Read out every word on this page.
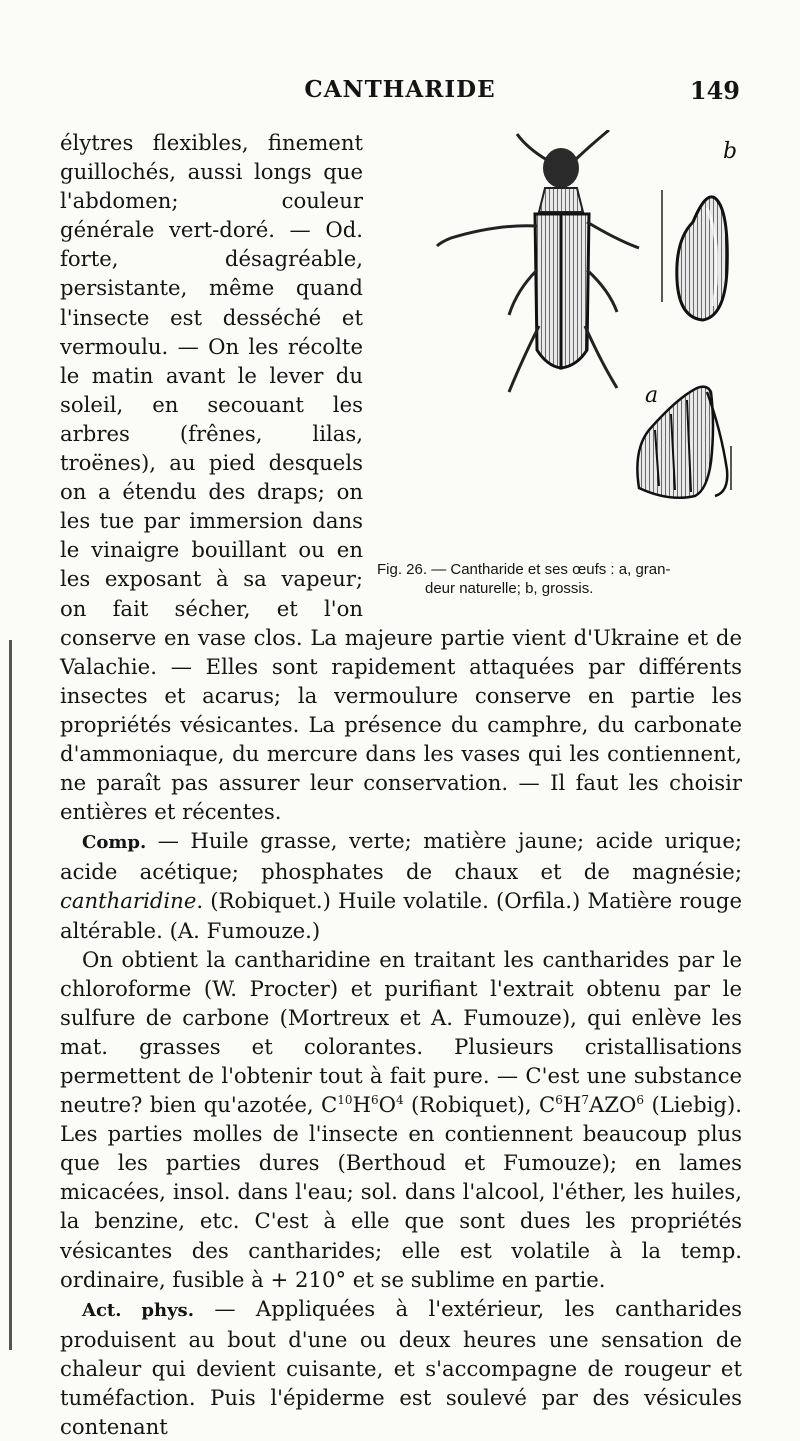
CANTHARIDE	149
b
a
Fig. 26. — Cantharide et ses œufs : a, gran-
deur naturelle; b, grossis.

élytres flexibles, finement guillochés, aussi longs que l'abdomen; couleur générale vert-doré. — Od. forte, désagréable, persistante, même quand l'insecte est desséché et vermoulu. — On les récolte le matin avant le lever du soleil, en secouant les arbres (frênes, lilas, troënes), au pied desquels on a étendu des draps; on les tue par immersion dans le vinaigre bouillant ou en les exposant à sa vapeur; on fait sécher, et l'on conserve en vase clos. La majeure partie vient d'Ukraine et de Valachie. — Elles sont rapidement attaquées par différents insectes et acarus; la vermoulure conserve en partie les propriétés vésicantes. La présence du camphre, du carbonate d'ammoniaque, du mercure dans les vases qui les contiennent, ne paraît pas assurer leur conservation. — Il faut les choisir entières et récentes.

Comp. — Huile grasse, verte; matière jaune; acide urique; acide acétique; phosphates de chaux et de magnésie; cantharidine. (Robiquet.) Huile volatile. (Orfila.) Matière rouge altérable. (A. Fumouze.)

On obtient la cantharidine en traitant les cantharides par le chloroforme (W. Procter) et purifiant l'extrait obtenu par le sulfure de carbone (Mortreux et A. Fumouze), qui enlève les mat. grasses et colorantes. Plusieurs cristallisations permettent de l'obtenir tout à fait pure. — C'est une substance neutre? bien qu'azotée, $C^{10}H^6O^4$ (Robiquet), $C^6H^7AZO^6$ (Liebig). Les parties molles de l'insecte en contiennent beaucoup plus que les parties dures (Berthoud et Fumouze); en lames micacées, insol. dans l'eau; sol. dans l'alcool, l'éther, les huiles, la benzine, etc. C'est à elle que sont dues les propriétés vésicantes des cantharides; elle est volatile à la temp. ordinaire, fusible à + 210° et se sublime en partie.

Act. phys. — Appliquées à l'extérieur, les cantharides produisent au bout d'une ou deux heures une sensation de chaleur qui devient cuisante, et s'accompagne de rougeur et tuméfaction. Puis l'épiderme est soulevé par des vésicules contenant
